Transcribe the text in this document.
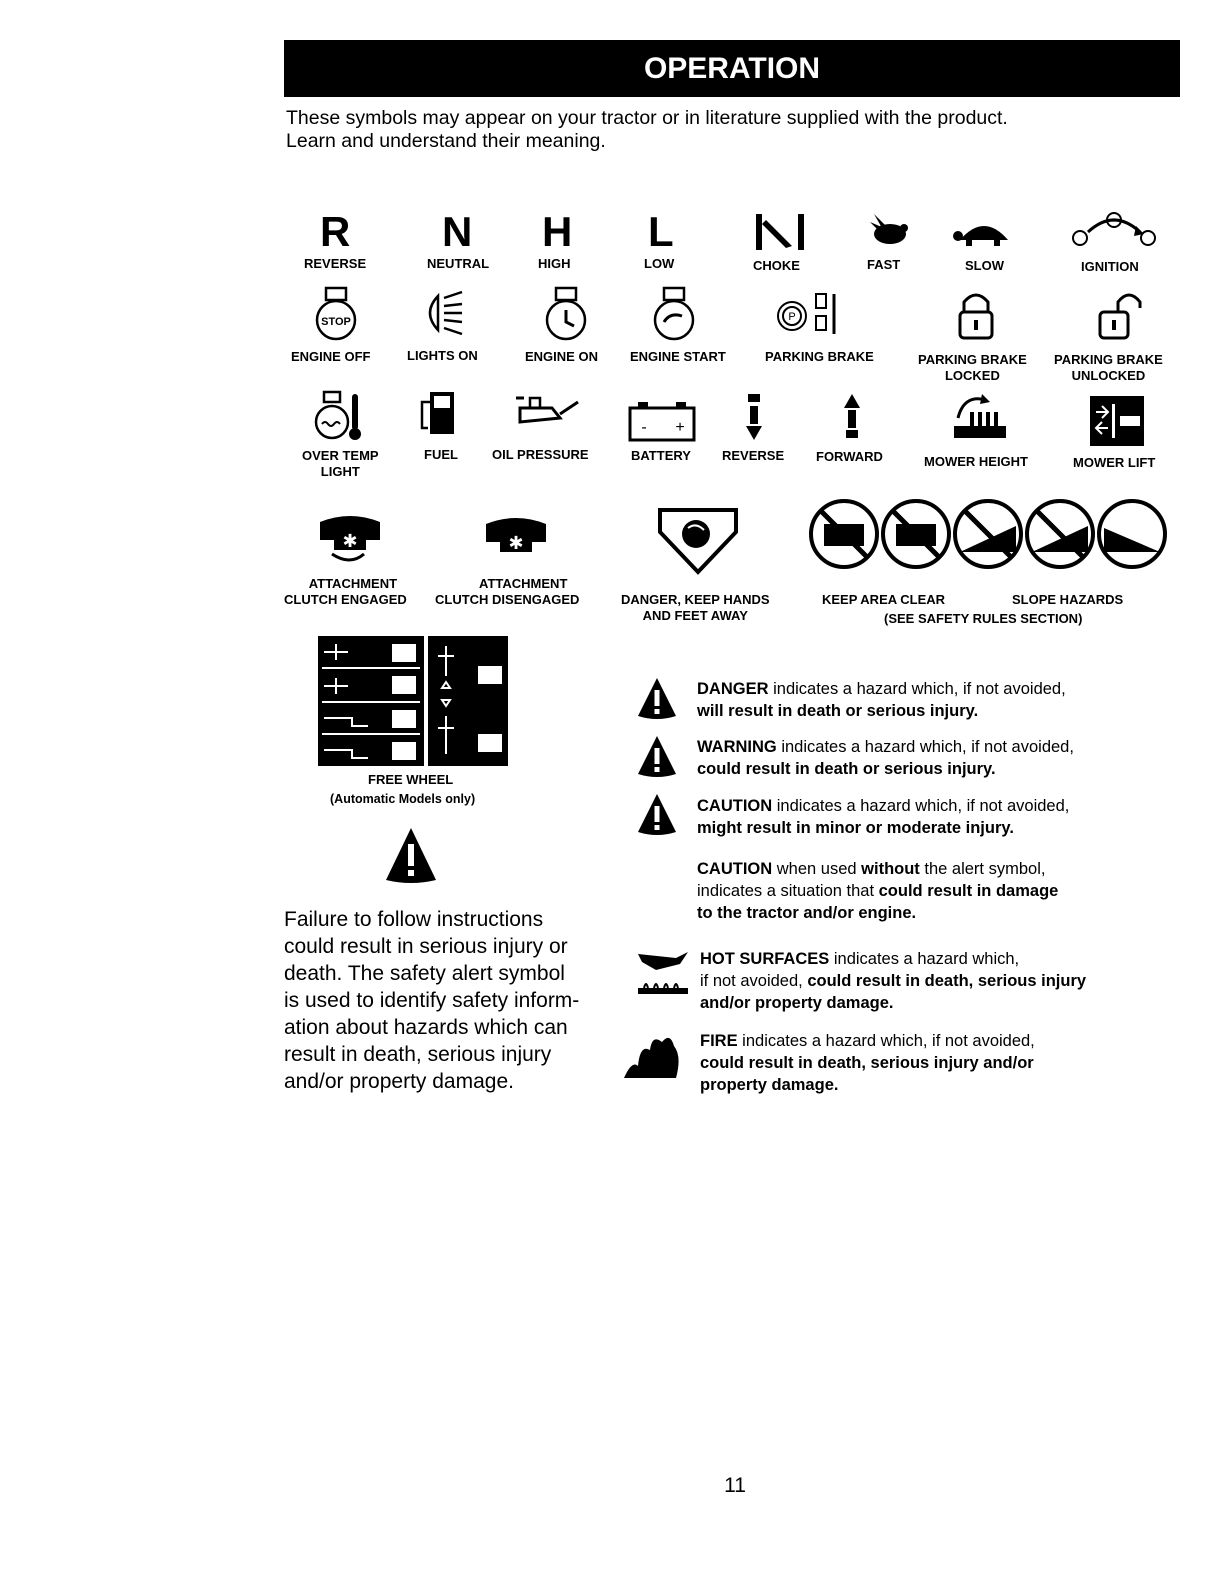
OPERATION
These symbols may appear on your tractor or in literature supplied with the product.
Learn and understand their meaning.
R
REVERSE
N
NEUTRAL
H
HIGH
L
LOW	CHOKE	FAST	SLOW	IGNITION
STOP
ENGINE OFF	LIGHTS ON	ENGINE ON ENGINE START
P
PARKING BRAKE	PARKING BRAKE
LOCKED
PARKING BRAKE
UNLOCKED
OVER TEMP
LIGHT
FUEL	OIL PRESSURE
- +
BATTERY REVERSE FORWARD	MOWER HEIGHT	MOWER LIFT
✱
ATTACHMENT
CLUTCH ENGAGED
✱
ATTACHMENT
CLUTCH DISENGAGED	DANGER, KEEP HANDS
AND FEET AWAY
KEEP AREA CLEAR	SLOPE HAZARDS
(SEE SAFETY RULES SECTION)
FREE WHEEL
(Automatic Models only)
Failure to follow instructions
could result in serious injury or
death. The safety alert symbol
is used to identify safety inform-
ation about hazards which can
result in death, serious injury
and/or property damage.
DANGER indicates a hazard which, if not avoided,
will result in death or serious injury.
WARNING indicates a hazard which, if not avoided,
could result in death or serious injury.
CAUTION indicates a hazard which, if not avoided,
might result in minor or moderate injury.
CAUTION when used without the alert symbol,
indicates a situation that could result in damage
to the tractor and/or engine.
HOT SURFACES indicates a hazard which,
if not avoided, could result in death, serious injury
and/or property damage.
FIRE indicates a hazard which, if not avoided,
could result in death, serious injury and/or
property damage.
11
